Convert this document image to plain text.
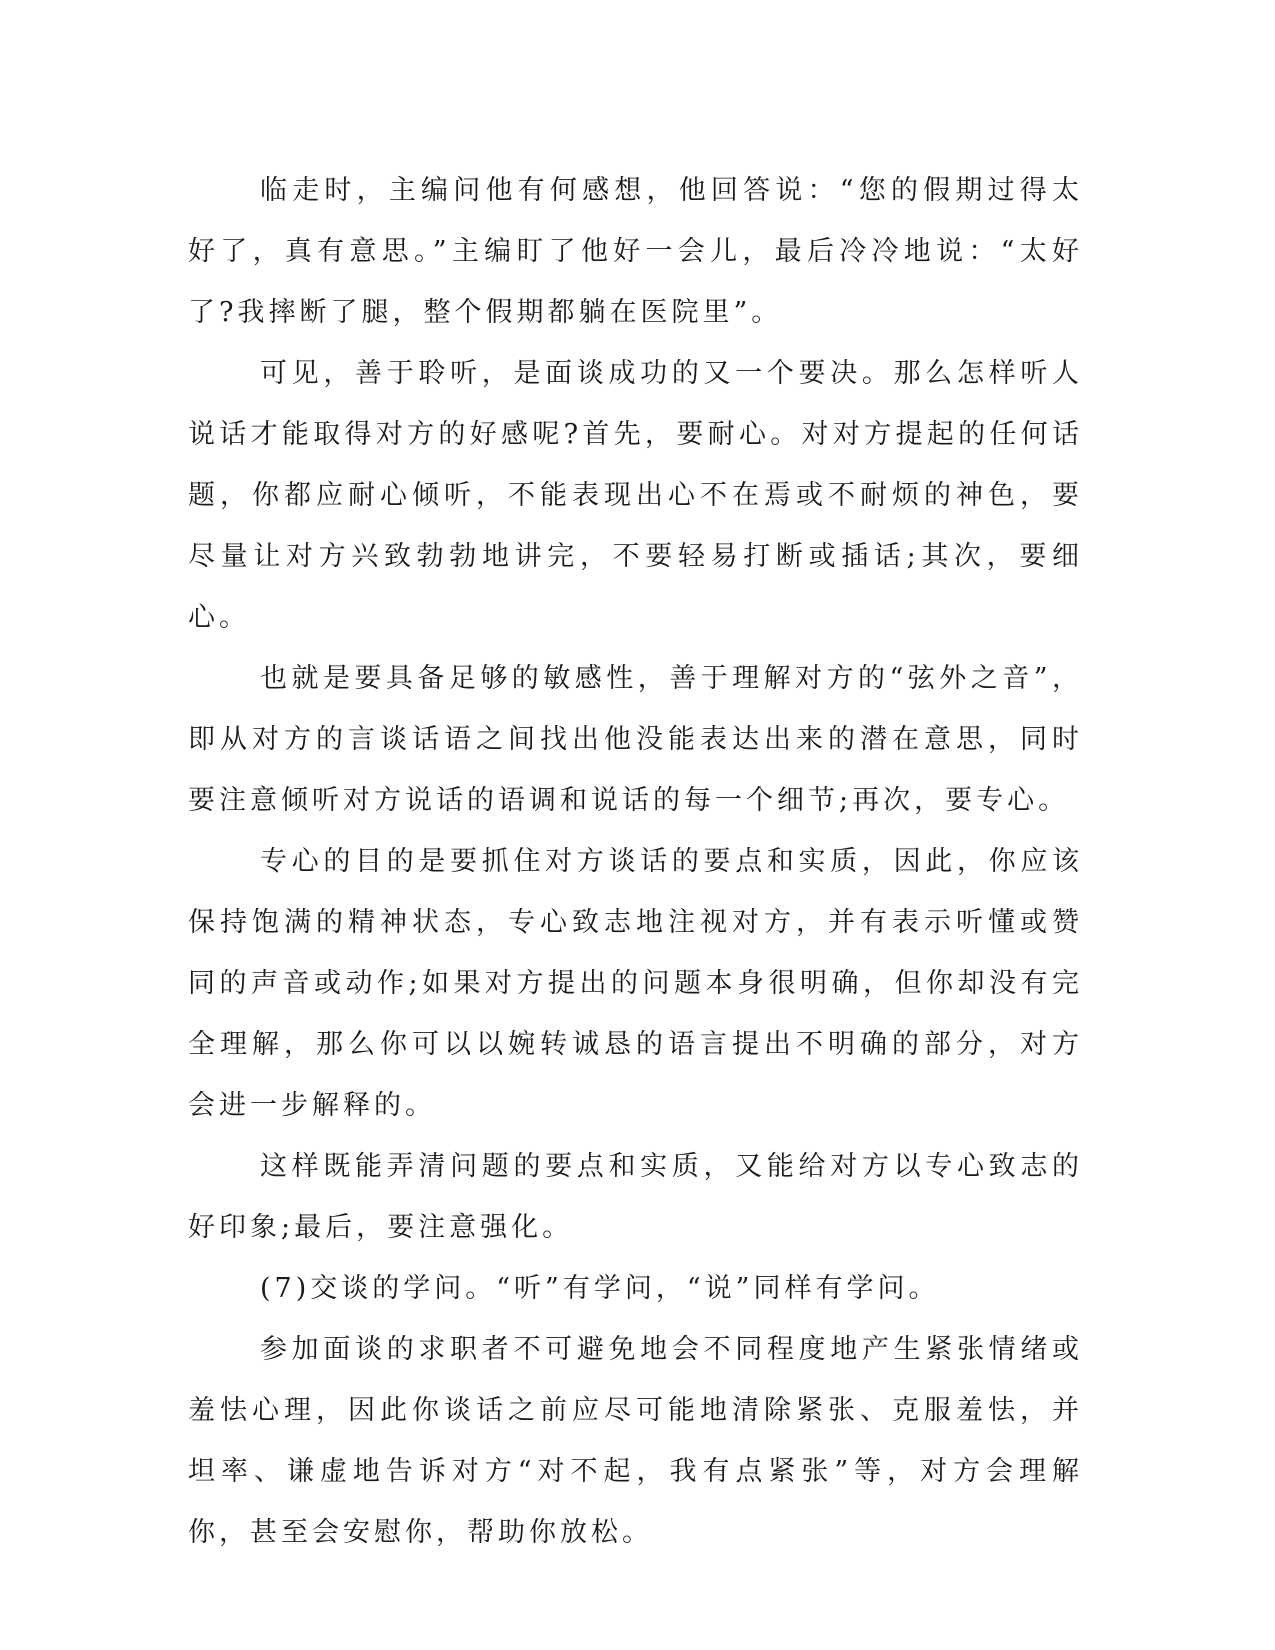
临走时，主编问他有何感想，他回答说：“您的假期过得太好了，真有意思。”主编盯了他好一会儿，最后冷冷地说：“太好了?我摔断了腿，整个假期都躺在医院里”。

可见，善于聆听，是面谈成功的又一个要决。那么怎样听人说话才能取得对方的好感呢?首先，要耐心。对对方提起的任何话题，你都应耐心倾听，不能表现出心不在焉或不耐烦的神色，要尽量让对方兴致勃勃地讲完，不要轻易打断或插话;其次，要细心。

也就是要具备足够的敏感性，善于理解对方的“弦外之音”，即从对方的言谈话语之间找出他没能表达出来的潜在意思，同时要注意倾听对方说话的语调和说话的每一个细节;再次，要专心。

专心的目的是要抓住对方谈话的要点和实质，因此，你应该保持饱满的精神状态，专心致志地注视对方，并有表示听懂或赞同的声音或动作;如果对方提出的问题本身很明确，但你却没有完全理解，那么你可以以婉转诚恳的语言提出不明确的部分，对方会进一步解释的。

这样既能弄清问题的要点和实质，又能给对方以专心致志的好印象;最后，要注意强化。

(7)交谈的学问。“听”有学问，“说”同样有学问。

参加面谈的求职者不可避免地会不同程度地产生紧张情绪或羞怯心理，因此你谈话之前应尽可能地清除紧张、克服羞怯，并坦率、谦虚地告诉对方“对不起，我有点紧张”等，对方会理解你，甚至会安慰你，帮助你放松。
